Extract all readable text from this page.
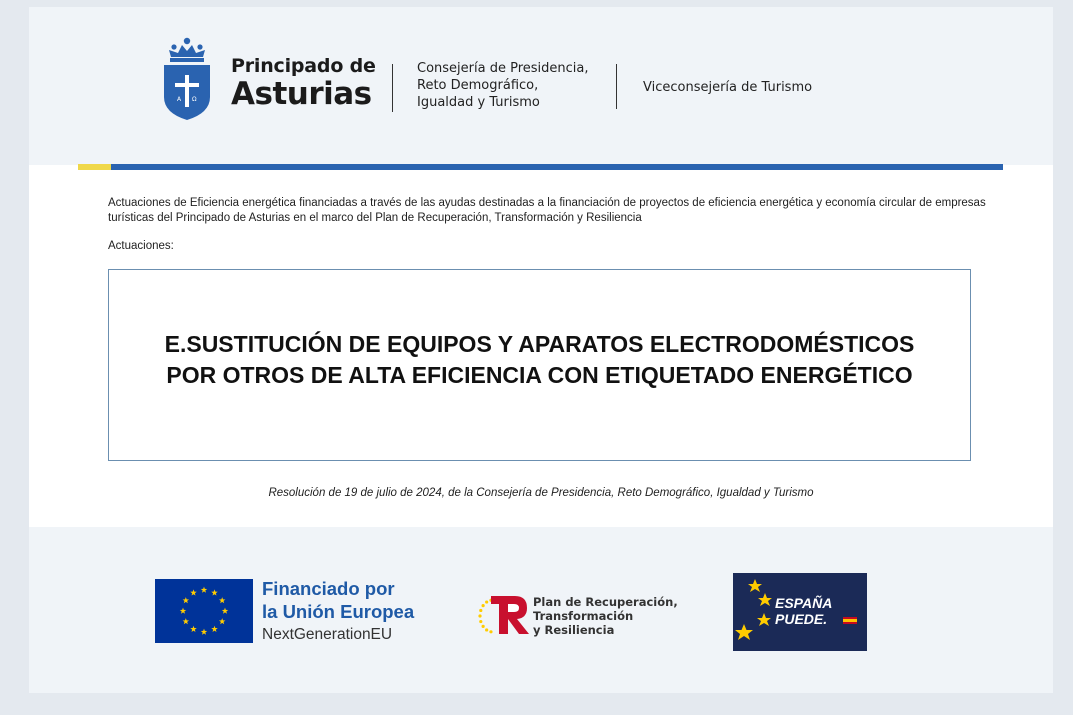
A Ω
Principado de
Asturias
Consejería de Presidencia,
Reto Demográfico,
Igualdad y Turismo
Viceconsejería de Turismo
Actuaciones de Eficiencia energética financiadas a través de las ayudas destinadas a la financiación de proyectos de eficiencia energética y economía circular de empresas turísticas del Principado de Asturias en el marco del Plan de Recuperación, Transformación y Resiliencia
Actuaciones:
E.SUSTITUCIÓN DE EQUIPOS Y APARATOS ELECTRODOMÉSTICOS POR OTROS DE ALTA EFICIENCIA CON ETIQUETADO ENERGÉTICO
Resolución de 19 de julio de 2024, de la Consejería de Presidencia, Reto Demográfico, Igualdad y Turismo
Financiado por
la Unión Europea
NextGenerationEU
Plan de Recuperación,
Transformación
y Resiliencia
ESPAÑA
PUEDE.
